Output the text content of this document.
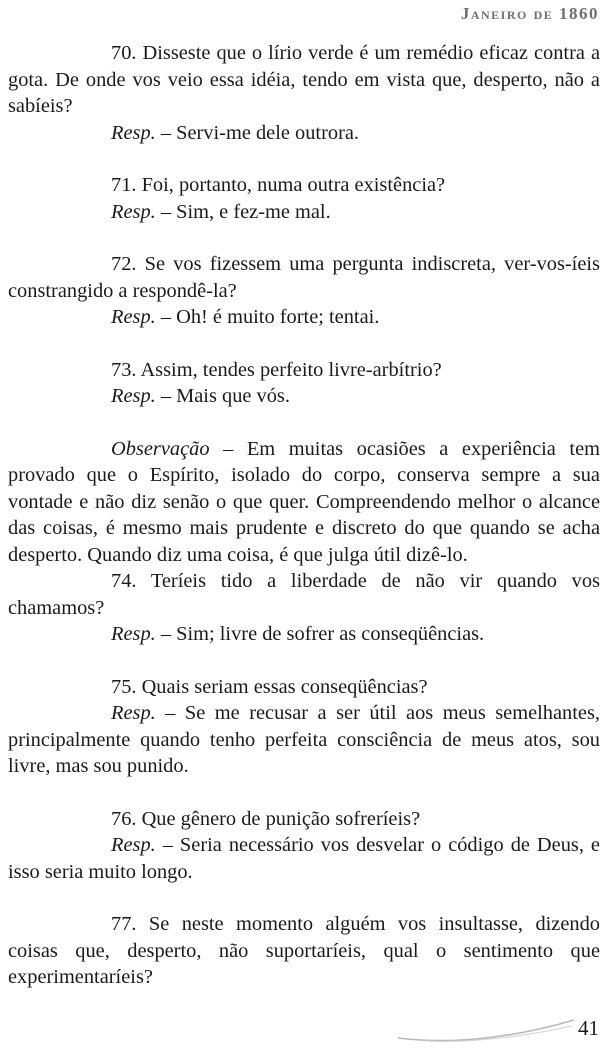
Janeiro de 1860

70. Disseste que o lírio verde é um remédio eficaz contra a gota. De onde vos veio essa idéia, tendo em vista que, desperto, não a sabíeis?

Resp. – Servi-me dele outrora.

71. Foi, portanto, numa outra existência?

Resp. – Sim, e fez-me mal.

72. Se vos fizessem uma pergunta indiscreta, ver-vos-íeis constrangido a respondê-la?

Resp. – Oh! é muito forte; tentai.

73. Assim, tendes perfeito livre-arbítrio?

Resp. – Mais que vós.

Observação – Em muitas ocasiões a experiência tem provado que o Espírito, isolado do corpo, conserva sempre a sua vontade e não diz senão o que quer. Compreendendo melhor o alcance das coisas, é mesmo mais prudente e discreto do que quando se acha desperto. Quando diz uma coisa, é que julga útil dizê-lo.

74. Teríeis tido a liberdade de não vir quando vos chamamos?

Resp. – Sim; livre de sofrer as conseqüências.

75. Quais seriam essas conseqüências?

Resp. – Se me recusar a ser útil aos meus semelhantes, principalmente quando tenho perfeita consciência de meus atos, sou livre, mas sou punido.

76. Que gênero de punição sofreríeis?

Resp. – Seria necessário vos desvelar o código de Deus, e isso seria muito longo.

77. Se neste momento alguém vos insultasse, dizendo coisas que, desperto, não suportaríeis, qual o sentimento que experimentaríeis?

41
